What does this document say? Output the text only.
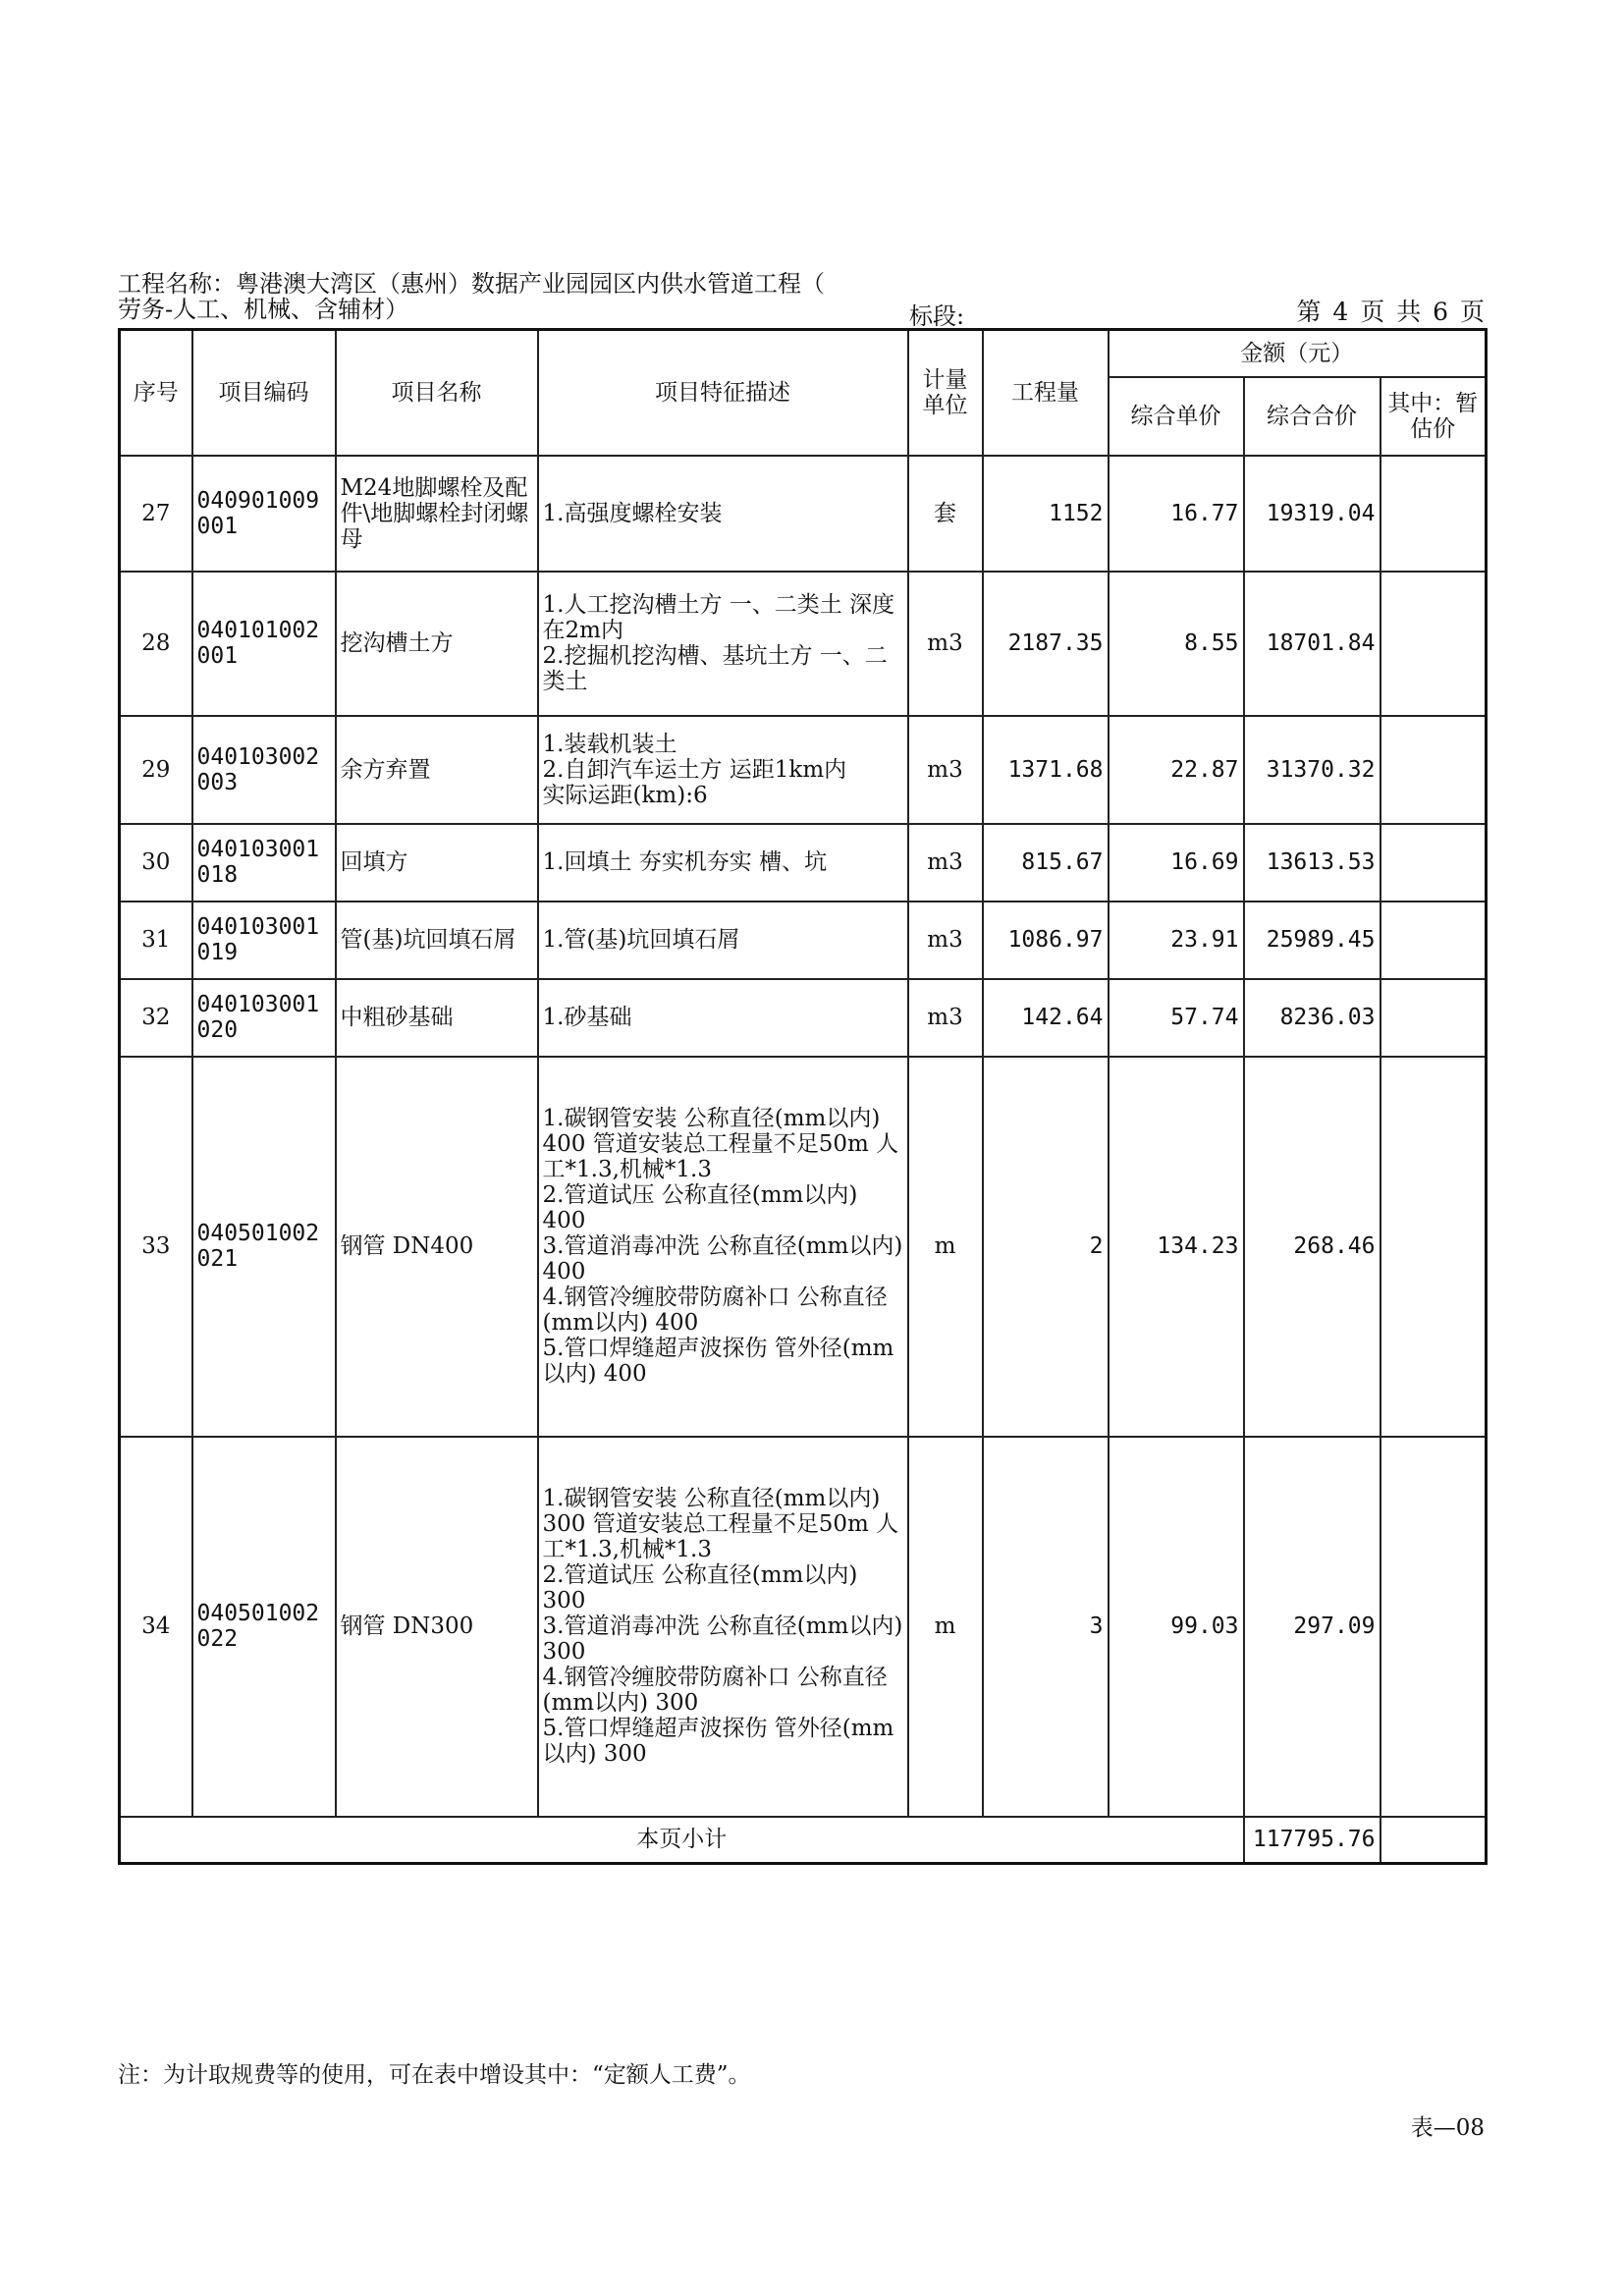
工程名称：粤港澳大湾区（惠州）数据产业园园区内供水管道工程（
劳务-人工、机械、含辅材）	标段:	第 4 页 共 6 页
序号	项目编码	项目名称	项目特征描述	计量单位	工程量	金额（元）		
						综合单价	综合合价	其中：暂估价
27	040901009001	M24地脚螺栓及配件\地脚螺栓封闭螺母	1.高强度螺栓安装	套	1152	16.77	19319.04	
28	040101002001	挖沟槽土方	1.人工挖沟槽土方 一、二类土 深度在2m内
2.挖掘机挖沟槽、基坑土方 一、二类土	m3	2187.35	8.55	18701.84	
29	040103002003	余方弃置	1.装载机装土
2.自卸汽车运土方 运距1km内
实际运距(km):6	m3	1371.68	22.87	31370.32	
30	040103001018	回填方	1.回填土 夯实机夯实 槽、坑	m3	815.67	16.69	13613.53	
31	040103001019	管(基)坑回填石屑	1.管(基)坑回填石屑	m3	1086.97	23.91	25989.45	
32	040103001020	中粗砂基础	1.砂基础	m3	142.64	57.74	8236.03	
33	040501002021	钢管 DN400	1.碳钢管安装 公称直径(mm以内) 400 管道安装总工程量不足50m 人工*1.3,机械*1.3
2.管道试压 公称直径(mm以内) 400
3.管道消毒冲洗 公称直径(mm以内) 400
4.钢管冷缠胶带防腐补口 公称直径(mm以内) 400
5.管口焊缝超声波探伤 管外径(mm以内) 400	m	2	134.23	268.46	
34	040501002022	钢管 DN300	1.碳钢管安装 公称直径(mm以内) 300 管道安装总工程量不足50m 人工*1.3,机械*1.3
2.管道试压 公称直径(mm以内) 300
3.管道消毒冲洗 公称直径(mm以内) 300
4.钢管冷缠胶带防腐补口 公称直径(mm以内) 300
5.管口焊缝超声波探伤 管外径(mm以内) 300	m	3	99.03	297.09	
本页小计							117795.76	
注：为计取规费等的使用，可在表中增设其中：“定额人工费”。
表—08
